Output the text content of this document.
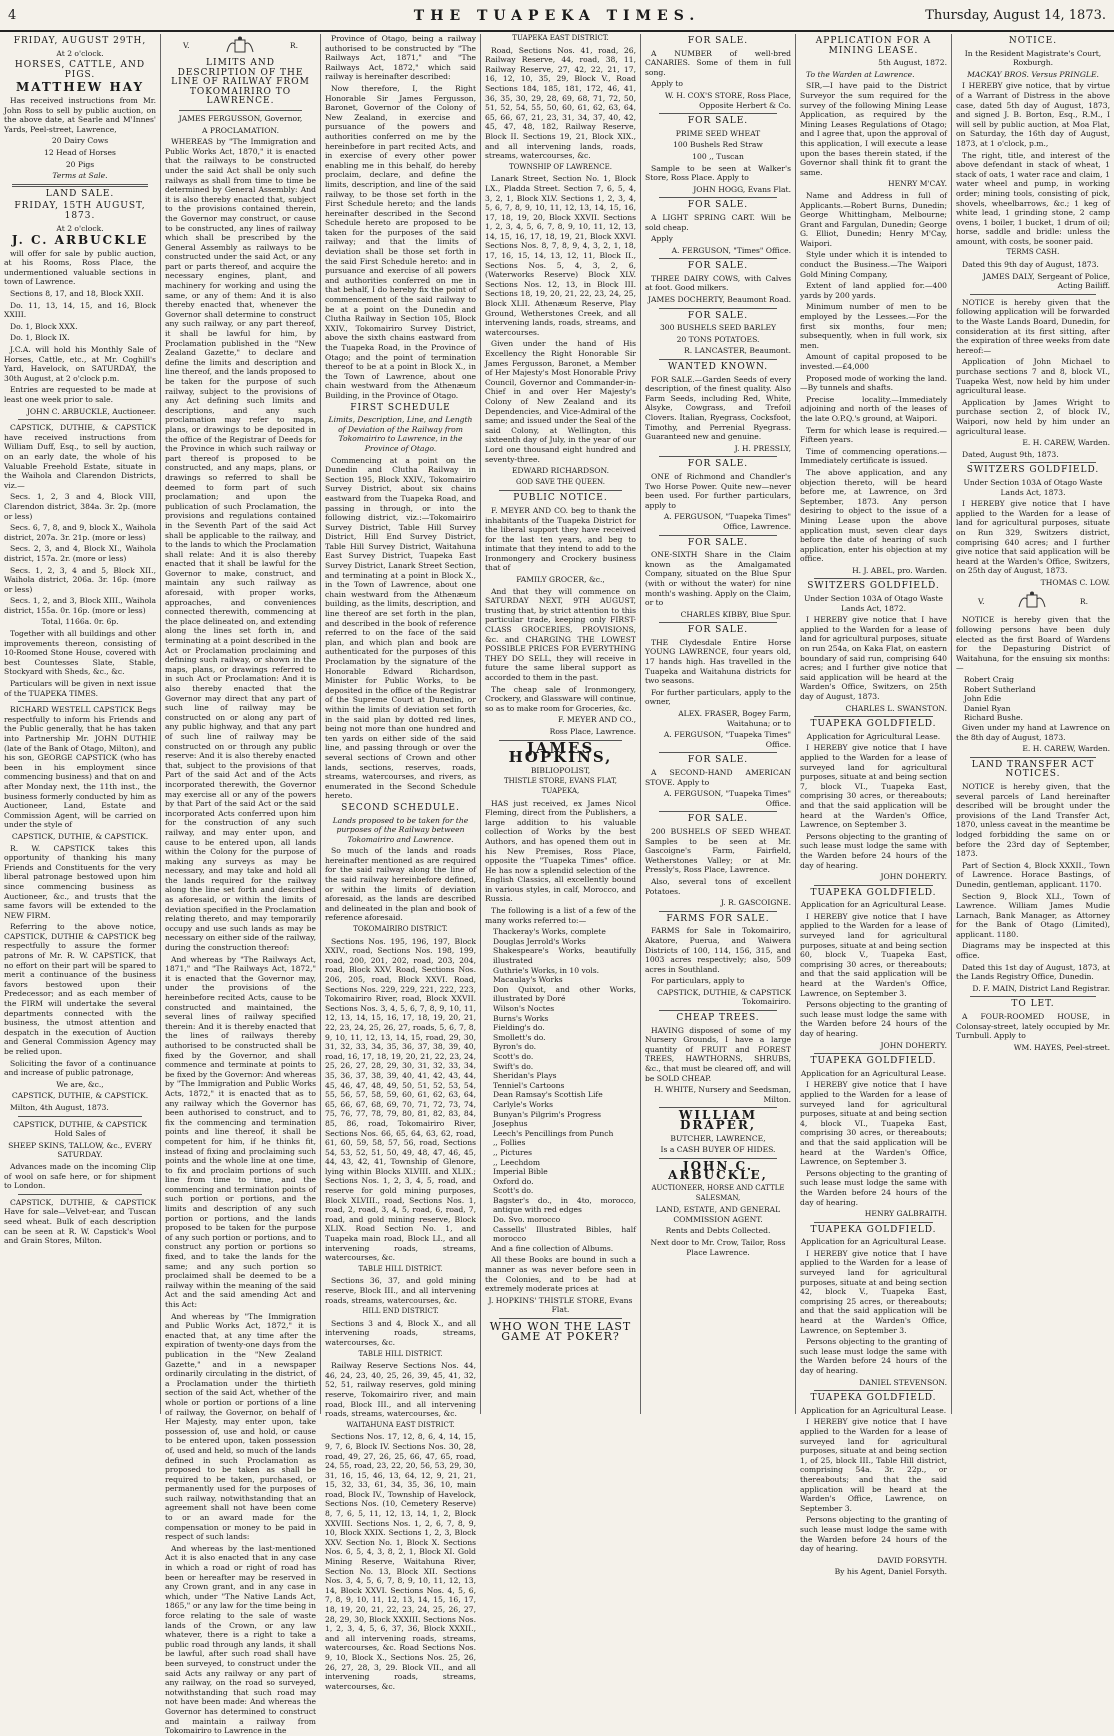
4	THE TUAPEKA TIMES.	Thursday, August 14, 1873.
FRIDAY, AUGUST 29TH,

At 2 o'clock.

HORSES, CATTLE, AND PIGS.
MATTHEW HAY

Has received instructions from Mr. John Ross to sell by public auction, on the above date, at Searle and M'Innes' Yards, Peel-street, Lawrence,

20 Dairy Cows

12 Head of Horses

20 Pigs

Terms at Sale.

LAND SALE.
FRIDAY, 15TH AUGUST, 1873.

At 2 o'clock.

J. C. ARBUCKLE

will offer for sale by public auction, at his Rooms, Ross Place, the undermentioned valuable sections in town of Lawrence.

Sections 8, 17, and 18, Block XXII.

Do. 11, 13, 14, 15, and 16, Block XXIII.

Do. 1, Block XXX.

Do. 1, Block IX.

J.C.A. will hold his Monthly Sale of Horses, Cattle, etc., at Mr. Coghill's Yard, Havelock, on SATURDAY, the 30th August, at 2 o'clock p.m.

Entries are requested to be made at least one week prior to sale.

JOHN C. ARBUCKLE, Auctioneer.

CAPSTICK, DUTHIE, & CAPSTICK have received instructions from William Duff, Esq., to sell by auction, on an early date, the whole of his Valuable Freehold Estate, situate in the Waihola and Clarendon Districts, viz.—

Secs. 1, 2, 3 and 4, Block VIII, Clarendon district, 384a. 3r. 2p. (more or less)

Secs. 6, 7, 8, and 9, block X., Waihola district, 207a. 3r. 21p. (more or less)

Secs. 2, 3, and 4, Block XI., Waihola district, 157a. 2r. (more or less)

Secs. 1, 2, 3, 4 and 5, Block XII., Waihola district, 206a. 3r. 16p. (more or less)

Secs. 1, 2, and 3, Block XIII., Waihola district, 155a. 0r. 16p. (more or less)

Total, 1166a. 0r. 6p.

Together with all buildings and other improvements thereon, consisting of 10-Roomed Stone House, covered with best Countesses Slate, Stable, Stockyard with Sheds, &c., &c.

Particulars will be given in next issue of the TUAPEKA TIMES.

RICHARD WESTELL CAPSTICK Begs respectfully to inform his Friends and the Public generally, that he has taken into Partnership Mr. JOHN DUTHIE (late of the Bank of Otago, Milton), and his son, GEORGE CAPSTICK (who has been in his employment since commencing business) and that on and after Monday next, the 11th inst., the business formerly conducted by him as Auctioneer, Land, Estate and Commission Agent, will be carried on under the style of

CAPSTICK, DUTHIE, & CAPSTICK.

R. W. CAPSTICK takes this opportunity of thanking his many Friends and Constituents for the very liberal patronage bestowed upon him since commencing business as Auctioneer, &c., and trusts that the same favors will be extended to the NEW FIRM.

Referring to the above notice, CAPSTICK, DUTHIE & CAPSTICK beg respectfully to assure the former patrons of Mr. R. W. CAPSTICK, that no effort on their part will be spared to merit a continuance of the business favors bestowed upon their Predecessor; and as each member of the FIRM will undertake the several departments connected with the business, the utmost attention and despatch in the execution of Auction and General Commission Agency may be relied upon.

Soliciting the favor of a continuance and increase of public patronage,

We are, &c.,

CAPSTICK, DUTHIE, & CAPSTICK.

Milton, 4th August, 1873.

CAPSTICK, DUTHIE, & CAPSTICK Hold Sales of

SHEEP SKINS, TALLOW, &c., EVERY SATURDAY.

Advances made on the incoming Clip of wool on safe here, or for shipment to London.

CAPSTICK, DUTHIE, & CAPSTICK Have for sale—Velvet-ear, and Tuscan seed wheat. Bulk of each description can be seen at R. W. Capstick's Wool and Grain Stores, Milton.

V.	R.
LIMITS AND DESCRIPTION OF THE LINE OF RAILWAY FROM TOKOMAIRIRO TO LAWRENCE.

JAMES FERGUSSON, Governor,

A PROCLAMATION.

WHEREAS by "The Immigration and Public Works Act, 1870," it is enacted that the railways to be constructed under the said Act shall be only such railways as shall from time to time be determined by General Assembly: And it is also thereby enacted that, subject to the provisions contained therein, the Governor may construct, or cause to be constructed, any lines of railway which shall be prescribed by the General Assembly as railways to be constructed under the said Act, or any part or parts thereof, and acquire the necessary engines, plant, and machinery for working and using the same, or any of them: And it is also thereby enacted that, whenever the Governor shall determine to construct any such railway, or any part thereof, it shall be lawful for him, by Proclamation published in the "New Zealand Gazette," to declare and define the limits and description and line thereof, and the lands proposed to be taken for the purpose of such railway, subject to the provisions of any Act defining such limits and descriptions, and any such proclamation may refer to maps, plans, or drawings to be deposited in the office of the Registrar of Deeds for the Province in which such railway or part thereof is proposed to be constructed, and any maps, plans, or drawings so referred to shall be deemed to form part of such proclamation; and upon the publication of such Proclamation, the provisions and regulations contained in the Seventh Part of the said Act shall be applicable to the railway, and to the lands to which the Proclamation shall relate: And it is also thereby enacted that it shall be lawful for the Governor to make, construct, and maintain any such railway as aforesaid, with proper works, approaches, and conveniences connected therewith, commencing at the place delineated on, and extending along the lines set forth in, and terminating at a point described in the Act or Proclamation proclaiming and defining such railway, or shown in the maps, plans, or drawings referred to in such Act or Proclamation: And it is also thereby enacted that the Governor may direct that any part of such line of railway may be constructed on or along any part of any public highway, and that any part of such line of railway may be constructed on or through any public reserve: And it is also thereby enacted that, subject to the provisions of that Part of the said Act and of the Acts incorporated therewith, the Governor may exercise all or any of the powers by that Part of the said Act or the said incorporated Acts conferred upon him for the construction of any such railway, and may enter upon, and cause to be entered upon, all lands within the Colony for the purpose of making any surveys as may be necessary, and may take and hold all the lands required for the railway along the line set forth and described as aforesaid, or within the limits of deviation specified in the Proclamation relating thereto, and may temporarily occupy and use such lands as may be necessary on either side of the railway, during the construction thereof:

And whereas by "The Railways Act, 1871," and "The Railways Act, 1872," it is enacted that the Governor may, under the provisions of the hereinbefore recited Acts, cause to be constructed and maintained, the several lines of railway specified therein: And it is thereby enacted that the lines of railways thereby authorised to be constructed shall be fixed by the Governor, and shall commence and terminate at points to be fixed by the Governor: And whereas by "The Immigration and Public Works Acts, 1872," it is enacted that as to any railway which the Governor has been authorised to construct, and to fix the commencing and termination points and line thereof, it shall be competent for him, if he thinks fit, instead of fixing and proclaiming such points and the whole line at one time, to fix and proclaim portions of such line from time to time, and the commencing and termination points of such portion or portions, and the limits and description of any such portion or portions, and the lands proposed to be taken for the purpose of any such portion or portions, and to construct any portion or portions so fixed, and to take the lands for the same; and any such portion so proclaimed shall be deemed to be a railway within the meaning of the said Act and the said amending Act and this Act:

And whereas by "The Immigration and Public Works Act, 1872," it is enacted that, at any time after the expiration of twenty-one days from the publication in the "New Zealand Gazette," and in a newspaper ordinarily circulating in the district, of a Proclamation under the thirtieth section of the said Act, whether of the whole or portion or portions of a line of railway, the Governor, on behalf of Her Majesty, may enter upon, take possession of, use and hold, or cause to be entered upon, taken possession of, used and held, so much of the lands defined in such Proclamation as proposed to be taken as shall be required to be taken, purchased, or permanently used for the purposes of such railway, notwithstanding that an agreement shall not have been come to or an award made for the compensation or money to be paid in respect of such lands:

And whereas by the last-mentioned Act it is also enacted that in any case in which a road or right of road has been or hereafter may be reserved in any Crown grant, and in any case in which, under "The Native Lands Act, 1865," or any law for the time being in force relating to the sale of waste lands of the Crown, or any law whatever, there is a right to take a public road through any lands, it shall be lawful, after such road shall have been surveyed, to construct under the said Acts any railway or any part of any railway, on the road so surveyed, notwithstanding that such road may not have been made: And whereas the Governor has determined to construct and maintain a railway from Tokomairiro to Lawrence in the

Province of Otago, being a railway authorised to be constructed by "The Railways Act, 1871," and "The Railways Act, 1872," which said railway is hereinafter described:

Now therefore, I, the Right Honorable Sir James Fergusson, Baronet, Governor of the Colony of New Zealand, in exercise and pursuance of the powers and authorities conferred on me by the hereinbefore in part recited Acts, and in exercise of every other power enabling me in this behalf, do hereby proclaim, declare, and define the limits, description, and line of the said railway, to be those set forth in the First Schedule hereto; and the lands hereinafter described in the Second Schedule hereto are proposed to be taken for the purposes of the said railway; and that the limits of deviation shall be those set forth in the said First Schedule hereto: and in pursuance and exercise of all powers and authorities conferred on me in that behalf, I do hereby fix the point of commencement of the said railway to be at a point on the Dunedin and Clutha Railway in Section 105, Block XXIV., Tokomairiro Survey District, above the sixth chains eastward from the Tuapeka Road, in the Province of Otago; and the point of termination thereof to be at a point in Block X., in the Town of Lawrence, about one chain westward from the Athenæum Building, in the Province of Otago.

FIRST SCHEDULE

Limits, Description, Line, and Length of Deviation of the Railway from Tokomairiro to Lawrence, in the Province of Otago.

Commencing at a point on the Dunedin and Clutha Railway in Section 195, Block XXIV., Tokomairiro Survey District, about six chains eastward from the Tuapeka Road, and passing in through, or into the following district, viz.:—Tokomairiro Survey District, Table Hill Survey District, Hill End Survey District, Table Hill Survey District, Waitahuna East Survey District, Tuapeka East Survey District, Lanark Street Section, and terminating at a point in Block X., in the Town of Lawrence, about one chain westward from the Athenæum building, as the limits, description, and line thereof are set forth in the plan, and described in the book of reference referred to on the face of the said plan, and which plan and book are authenticated for the purposes of this Proclamation by the signature of the Honorable Edward Richardson, Minister for Public Works, to be deposited in the office of the Registrar of the Supreme Court at Dunedin, or within the limits of deviation set forth in the said plan by dotted red lines, being not more than one hundred and ten yards on either side of the said line, and passing through or over the several sections of Crown and other lands, sections, reserves, roads, streams, watercourses, and rivers, as enumerated in the Second Schedule hereto.

SECOND SCHEDULE.

Lands proposed to be taken for the purposes of the Railway between Tokomairiro and Lawrence.

So much of the lands and roads hereinafter mentioned as are required for the said railway along the line of the said railway hereinbefore defined, or within the limits of deviation aforesaid, as the lands are described and delineated in the plan and book of reference aforesaid.

TOKOMAIRIRO DISTRICT.

Sections Nos. 195, 196, 197, Block XXIV., road, Sections Nos. 198, 199, road, 200, 201, 202, road, 203, 204, road, Block XXV. Road, Sections Nos. 206, 205, road, Block XXVI. Road, Sections Nos. 229, 229, 221, 222, 223, Tokomairiro River, road, Block XXVII. Sections Nos. 3, 4, 5, 6, 7, 8, 9, 10, 11, 12, 13, 14, 15, 16, 17, 18, 19, 20, 21, 22, 23, 24, 25, 26, 27, roads, 5, 6, 7, 8, 9, 10, 11, 12, 13, 14, 15, road, 29, 30, 31, 32, 33, 34, 35, 36, 37, 38, 39, 40, road, 16, 17, 18, 19, 20, 21, 22, 23, 24, 25, 26, 27, 28, 29, 30, 31, 32, 33, 34, 35, 36, 37, 38, 39, 40, 41, 42, 43, 44, 45, 46, 47, 48, 49, 50, 51, 52, 53, 54, 55, 56, 57, 58, 59, 60, 61, 62, 63, 64, 65, 66, 67, 68, 69, 70, 71, 72, 73, 74, 75, 76, 77, 78, 79, 80, 81, 82, 83, 84, 85, 86, road, Tokomairiro River, Sections Nos. 66, 65, 64, 63, 62, road, 61, 60, 59, 58, 57, 56, road, Sections 54, 53, 52, 51, 50, 49, 48, 47, 46, 45, 44, 43, 42, 41, Township of Glenore, lying within Blocks XLVIII. and XLIX.; Sections Nos. 1, 2, 3, 4, 5, road, and reserve for gold mining purposes, Block XLVIII., road, Sections Nos. 1, road, 2, road, 3, 4, 5, road, 6, road, 7, road, and gold mining reserve, Block XLIX. Road Section No. 1, and Tuapeka main road, Block LI., and all intervening roads, streams, watercourses, &c.

TABLE HILL DISTRICT.

Sections 36, 37, and gold mining reserve, Block III., and all intervening roads, streams, watercourses, &c.

HILL END DISTRICT.

Sections 3 and 4, Block X., and all intervening roads, streams, watercourses, &c.

TABLE HILL DISTRICT.

Railway Reserve Sections Nos. 44, 46, 24, 23, 40, 25, 26, 39, 45, 41, 32, 52, 51, railway reserves, gold mining reserve, Tokomairiro river, and main road, Block III., and all intervening roads, streams, watercourses, &c.

WAITAHUNA EAST DISTRICT.

Sections Nos. 17, 12, 8, 6, 4, 14, 15, 9, 7, 6, Block IV. Sections Nos. 30, 28, road, 49, 27, 26, 25, 66, 47, 65, road, 24, 55, road, 23, 22, 20, 56, 53, 29, 30, 31, 16, 15, 46, 13, 64, 12, 9, 21, 21, 15, 32, 33, 61, 34, 35, 36, 10, main road, Block IV., Township of Havelock, Sections Nos. (10, Cemetery Reserve) 8, 7, 6, 5, 11, 12, 13, 14, 1, 2, Block XXVIII. Sections Nos. 1, 2, 6, 7, 8, 9, 10, Block XXIX. Sections 1, 2, 3, Block XXV. Section No. 1, Block X. Sections Nos. 6, 5, 4, 3, 8, 2, 1, Block XI. Gold Mining Reserve, Waitahuna River, Section No. 13, Block XII. Sections Nos. 3, 4, 5, 6, 7, 8, 9, 10, 11, 12, 13, 14, Block XXVI. Sections Nos. 4, 5, 6, 7, 8, 9, 10, 11, 12, 13, 14, 15, 16, 17, 18, 19, 20, 21, 22, 23, 24, 25, 26, 27, 28, 29, 30, Block XXXIII. Sections Nos. 1, 2, 3, 4, 5, 6, 37, 36, Block XXXII., and all intervening roads, streams, watercourses, &c. Road Sections Nos. 9, 10, Block X., Sections Nos. 25, 26, 26, 27, 28, 3, 29. Block VII., and all intervening roads, streams, watercourses, &c.

TUAPEKA EAST DISTRICT.

Road, Sections Nos. 41, road, 26, Railway Reserve, 44, road, 38, 11, Railway Reserve, 27, 42, 22, 21, 17, 16, 12, 10, 35, 29, Block V., Road Sections 184, 185, 181, 172, 46, 41, 36, 35, 30, 29, 28, 69, 68, 71, 72, 50, 51, 52, 54, 55, 50, 60, 61, 62, 63, 64, 65, 66, 67, 21, 23, 31, 34, 37, 40, 42, 45, 47, 48, 182, Railway Reserve, Block II. Sections 19, 21, Block XIX., and all intervening lands, roads, streams, watercourses, &c.

TOWNSHIP OF LAWRENCE.

Lanark Street, Section No. 1, Block LX., Pladda Street. Section 7, 6, 5, 4, 3, 2, 1, Block XLV. Sections 1, 2, 3, 4, 5, 6, 7, 8, 9, 10, 11, 12, 13, 14, 15, 16, 17, 18, 19, 20, Block XXVII. Sections 1, 2, 3, 4, 5, 6, 7, 8, 9, 10, 11, 12, 13, 14, 15, 16, 17, 18, 19, 21, Block XXVI. Sections Nos. 8, 7, 8, 9, 4, 3, 2, 1, 18, 17, 16, 15, 14, 13, 12, 11, Block II., Sections Nos. 5, 4, 3, 2, 6, (Waterworks Reserve) Block XLV. Sections Nos. 12, 13, in Block III. Sections 18, 19, 20, 21, 22, 23, 24, 25, Block XLII. Athenæum Reserve, Play Ground, Wetherstones Creek, and all intervening lands, roads, streams, and watercourses.

Given under the hand of His Excellency the Right Honorable Sir James Fergusson, Baronet, a Member of Her Majesty's Most Honorable Privy Council, Governor and Commander-in-Chief in and over Her Majesty's Colony of New Zealand and its Dependencies, and Vice-Admiral of the same; and issued under the Seal of the said Colony, at Wellington, this sixteenth day of July, in the year of our Lord one thousand eight hundred and seventy-three.

EDWARD RICHARDSON.

GOD SAVE THE QUEEN.

PUBLIC NOTICE.

F. MEYER AND CO. beg to thank the inhabitants of the Tuapeka District for the liberal support they have received for the last ten years, and beg to intimate that they intend to add to the Ironmongery and Crockery business that of

FAMILY GROCER, &c.,

And that they will commence on SATURDAY NEXT, 9TH AUGUST, trusting that, by strict attention to this particular trade, keeping only FIRST-CLASS GROCERIES, PROVISIONS, &c. and CHARGING THE LOWEST POSSIBLE PRICES FOR EVERYTHING THEY DO SELL, they will receive in future the same liberal support as accorded to them in the past.

The cheap sale of Ironmongery, Crockery, and Glassware will continue, so as to make room for Groceries, &c.

F. MEYER AND CO.,

Ross Place, Lawrence.

JAMES HOPKINS,

BIBLIOPOLIST,

THISTLE STORE, EVANS FLAT, TUAPEKA,

HAS just received, ex James Nicol Fleming, direct from the Publishers, a large addition to his valuable collection of Works by the best Authors, and has opened them out in his New Premises, Ross Place, opposite the "Tuapeka Times" office. He has now a splendid selection of the English Classics, all excellently bound in various styles, in calf, Morocco, and Russia.

The following is a list of a few of the many works referred to:—

Thackeray's Works, complete
Douglas Jerrold's Works
Shakespeare's Works, beautifully illustrated
Guthrie's Works, in 10 vols.
Macaulay's Works
Don Quixot, and other Works, illustrated by Doré
Wilson's Noctes
Burns's Works
Fielding's do.
Smollett's do.
Byron's do.
Scott's do.
Swift's do.
Sheridan's Plays
Tenniel's Cartoons
Dean Ramsay's Scottish Life
Carlyle's Works
Bunyan's Pilgrim's Progress
Josephus
Leech's Pencillings from Punch
,, Follies
,, Pictures
,, Leechdom
Imperial Bible
Oxford do.
Scott's do.
Bagster's do., in 4to, morocco, antique with red edges
Do. Svo. morocco
Cassells' Illustrated Bibles, half morocco

And a fine collection of Albums.

All these Books are bound in such a manner as was never before seen in the Colonies, and to be had at extremely moderate prices at

J. HOPKINS' THISTLE STORE, Evans Flat.

WHO WON THE LAST GAME AT POKER?
FOR SALE.

A NUMBER of well-bred CANARIES. Some of them in full song.

Apply to

W. H. COX'S STORE, Ross Place, Opposite Herbert & Co.

FOR SALE.

PRIME SEED WHEAT

100 Bushels Red Straw

100 ,, Tuscan

Sample to be seen at Walker's Store, Ross Place. Apply to

JOHN HOGG, Evans Flat.

FOR SALE.

A LIGHT SPRING CART. Will be sold cheap.

Apply

A. FERGUSON, "Times" Office.

FOR SALE.

THREE DAIRY COWS, with Calves at foot. Good milkers.

JAMES DOCHERTY, Beaumont Road.

FOR SALE.

300 BUSHELS SEED BARLEY

20 TONS POTATOES.

R. LANCASTER, Beaumont.

WANTED KNOWN.

FOR SALE.—Garden Seeds of every description, of the finest quality. Also Farm Seeds, including Red, White, Alsyke, Cowgrass, and Trefoil Clovers. Italian, Ryegrass, Cocksfoot, Timothy, and Perrenial Ryegrass. Guaranteed new and genuine.

J. H. PRESSLY,

FOR SALE.

ONE of Richmond and Chandler's Two Horse Power. Quite new—never been used. For further particulars, apply to

A. FERGUSON, "Tuapeka Times" Office, Lawrence.

FOR SALE.

ONE-SIXTH Share in the Claim known as the Amalgamated Company, situated on the Blue Spur (with or without the water) for nine month's washing. Apply on the Claim, or to

CHARLES KIBBY, Blue Spur.

FOR SALE.

THE Clydesdale Entire Horse YOUNG LAWRENCE, four years old, 17 hands high. Has travelled in the Tuapeka and Waitahuna districts for two seasons.

For further particulars, apply to the owner,

ALEX. FRASER, Bogey Farm, Waitahuna; or to

A. FERGUSON, "Tuapeka Times" Office.

FOR SALE.

A SECOND-HAND AMERICAN STOVE. Apply to

A. FERGUSON, "Tuapeka Times" Office.

FOR SALE.

200 BUSHELS OF SEED WHEAT. Samples to be seen at Mr. Gascoigne's Farm, Fairfield, Wetherstones Valley; or at Mr. Pressly's, Ross Place, Lawrence.

Also, several tons of excellent Potatoes.

J. R. GASCOIGNE.

FARMS FOR SALE.

FARMS for Sale in Tokomairiro, Akatore, Puerua, and Waiwera Districts of 100, 114, 156, 315, and 1003 acres respectively; also, 509 acres in Southland.

For particulars, apply to

CAPSTICK, DUTHIE, & CAPSTICK Tokomairiro.

CHEAP TREES.

HAVING disposed of some of my Nursery Grounds, I have a large quantity of FRUIT and FOREST TREES, HAWTHORNS, SHRUBS, &c., that must be cleared off, and will be SOLD CHEAP.

H. WHITE, Nursery and Seedsman, Milton.

WILLIAM DRAPER,

BUTCHER, LAWRENCE,

Is a CASH BUYER OF HIDES.

JOHN C. ARBUCKLE,

AUCTIONEER, HORSE AND CATTLE SALESMAN,

LAND, ESTATE, AND GENERAL COMMISSION AGENT.

Rents and Debts Collected.

Next door to Mr. Crow, Tailor, Ross Place Lawrence.

APPLICATION FOR A MINING LEASE.

5th August, 1872.

To the Warden at Lawrence.

SIR,—I have paid to the District Surveyor the sum required for the survey of the following Mining Lease Application, as required by the Mining Leases Regulations of Otago; and I agree that, upon the approval of this application, I will execute a lease upon the bases therein stated, if the Governor shall think fit to grant the same.

HENRY M'CAY.

Name and Address in full of Applicants.—Robert Burns, Dunedin; George Whittingham, Melbourne; Grant and Fargulan, Dunedin; George G. Elliot, Dunedin; Henry M'Cay, Waipori.

Style under which it is intended to conduct the Business.—The Waipori Gold Mining Company,

Extent of land applied for.—400 yards by 200 yards.

Minimum number of men to be employed by the Lessees.—For the first six months, four men; subsequently, when in full work, six men.

Amount of capital proposed to be invested.—£4,000

Proposed mode of working the land.—By tunnels and shafts.

Precise locality.—Immediately adjoining and north of the leases of the late O.P.Q.'s ground, at Waipori.

Term for which lease is required.—Fifteen years.

Time of commencing operations.—Immediately certificate is issued.

The above application, and any objection thereto, will be heard before me, at Lawrence, on 3rd September, 1873. Any person desiring to object to the issue of a Mining Lease upon the above application must, seven clear days before the date of hearing of such application, enter his objection at my office.

H. J. ABEL, pro. Warden.

SWITZERS GOLDFIELD.

Under Section 103A of Otago Waste Lands Act, 1872.

I HEREBY give notice that I have applied to the Warden for a lease of land for agricultural purposes, situate on run 254a, on Kaka Flat, on eastern boundary of said run, comprising 640 acres; and I further give notice that said application will be heard at the Warden's Office, Switzers, on 25th day of August, 1873.

CHARLES L. SWANSTON.

TUAPEKA GOLDFIELD.

Application for Agricultural Lease.

I HEREBY give notice that I have applied to the Warden for a lease of surveyed land for agricultural purposes, situate at and being section 7, block VI., Tuapeka East, comprising 30 acres, or thereabouts; and that the said application will be heard at the Warden's Office, Lawrence, on September 3.

Persons objecting to the granting of such lease must lodge the same with the Warden before 24 hours of the day of hearing.

JOHN DOHERTY.

TUAPEKA GOLDFIELD.

Application for an Agricultural Lease.

I HEREBY give notice that I have applied to the Warden for a lease of surveyed land for agricultural purposes, situate at and being section 60, block V., Tuapeka East, comprising 30 acres, or thereabouts; and that the said application will be heard at the Warden's Office, Lawrence, on September 3.

Persons objecting to the granting of such lease must lodge the same with the Warden before 24 hours of the day of hearing.

JOHN DOHERTY.

TUAPEKA GOLDFIELD.

Application for an Agricultural Lease.

I HEREBY give notice that I have applied to the Warden for a lease of surveyed land for agricultural purposes, situate at and being section 4, block VI., Tuapeka East, comprising 30 acres, or thereabouts; and that the said application will be heard at the Warden's Office, Lawrence, on September 3.

Persons objecting to the granting of such lease must lodge the same with the Warden before 24 hours of the day of hearing.

HENRY GALBRAITH.

TUAPEKA GOLDFIELD.

Application for an Agricultural Lease.

I HEREBY give notice that I have applied to the Warden for a lease of surveyed land for agricultural purposes, situate at and being section 42, block V., Tuapeka East, comprising 25 acres, or thereabouts; and that the said application will be heard at the Warden's Office, Lawrence, on September 3.

Persons objecting to the granting of such lease must lodge the same with the Warden before 24 hours of the day of hearing.

DANIEL STEVENSON.

TUAPEKA GOLDFIELD.

Application for an Agricultural Lease.

I HEREBY give notice that I have applied to the Warden for a lease of surveyed land for agricultural purposes, situate at and being section 1, of 25, block III., Table Hill district, comprising 54a. 3r. 22p., or thereabouts; and that the said application will be heard at the Warden's Office, Lawrence, on September 3.

Persons objecting to the granting of such lease must lodge the same with the Warden before 24 hours of the day of hearing.

DAVID FORSYTH.

By his Agent, Daniel Forsyth.

NOTICE.

In the Resident Magistrate's Court, Roxburgh.

MACKAY BROS. Versus PRINGLE.

I HEREBY give notice, that by virtue of a Warrant of Distress in the above case, dated 5th day of August, 1873, and signed J. B. Borton, Esq., R.M., I will sell by public auction, at Moa Flat, on Saturday, the 16th day of August, 1873, at 1 o'clock, p.m.,

The right, title, and interest of the above defendant in stack of wheat, 1 stack of oats, 1 water race and claim, 1 water wheel and pump, in working order; mining tools, consisting of pick, shovels, wheelbarrows, &c.; 1 keg of white lead, 1 grinding stone, 2 camp ovens, 1 boiler, 1 bucket, 1 drum of oil; horse, saddle and bridle: unless the amount, with costs, be sooner paid.

TERMS CASH.

Dated this 9th day of August, 1873.

JAMES DALY, Sergeant of Police, Acting Bailiff.

NOTICE is hereby given that the following application will be forwarded to the Waste Lands Board, Dunedin, for consideration at its first sitting, after the expiration of three weeks from date hereof:—

Application of John Michael to purchase sections 7 and 8, block VI., Tuapeka West, now held by him under agricultural lease.

Application by James Wright to purchase section 2, of block IV., Waipori, now held by him under an agricultural lease.

E. H. CAREW, Warden.

Dated, August 9th, 1873.

SWITZERS GOLDFIELD.

Under Section 103A of Otago Waste Lands Act, 1873.

I HEREBY give notice that I have applied to the Warden for a lease of land for agricultural purposes, situate on Run 329, Switzers district, comprising 640 acres; and I further give notice that said application will be heard at the Warden's Office, Switzers, on 25th day of August, 1873.

THOMAS C. LOW.

V.	R.

NOTICE is hereby given that the following persons have been duly elected as the first Board of Wardens for the Depasturing District of Waitahuna, for the ensuing six months:—

Robert Craig
Robert Sutherland
John Edie
Daniel Ryan
Richard Bushe.

Given under my hand at Lawrence on the 8th day of August, 1873.

E. H. CAREW, Warden.

LAND TRANSFER ACT NOTICES.

NOTICE is hereby given, that the several parcels of Land hereinafter described will be brought under the provisions of the Land Transfer Act, 1870, unless caveat in the meantime be lodged forbidding the same on or before the 23rd day of September, 1873.

Part of Section 4, Block XXXII., Town of Lawrence. Horace Bastings, of Dunedin, gentleman, applicant. 1170.

Section 9, Block XLI., Town of Lawrence. William James Mudie Larnach, Bank Manager, as Attorney for the Bank of Otago (Limited), applicant. 1180.

Diagrams may be inspected at this office.

Dated this 1st day of August, 1873, at the Lands Registry Office, Dunedin.

D. F. MAIN, District Land Registrar.

TO LET.

A FOUR-ROOMED HOUSE, in Colonsay-street, lately occupied by Mr. Turnbull. Apply to

WM. HAYES, Peel-street.
